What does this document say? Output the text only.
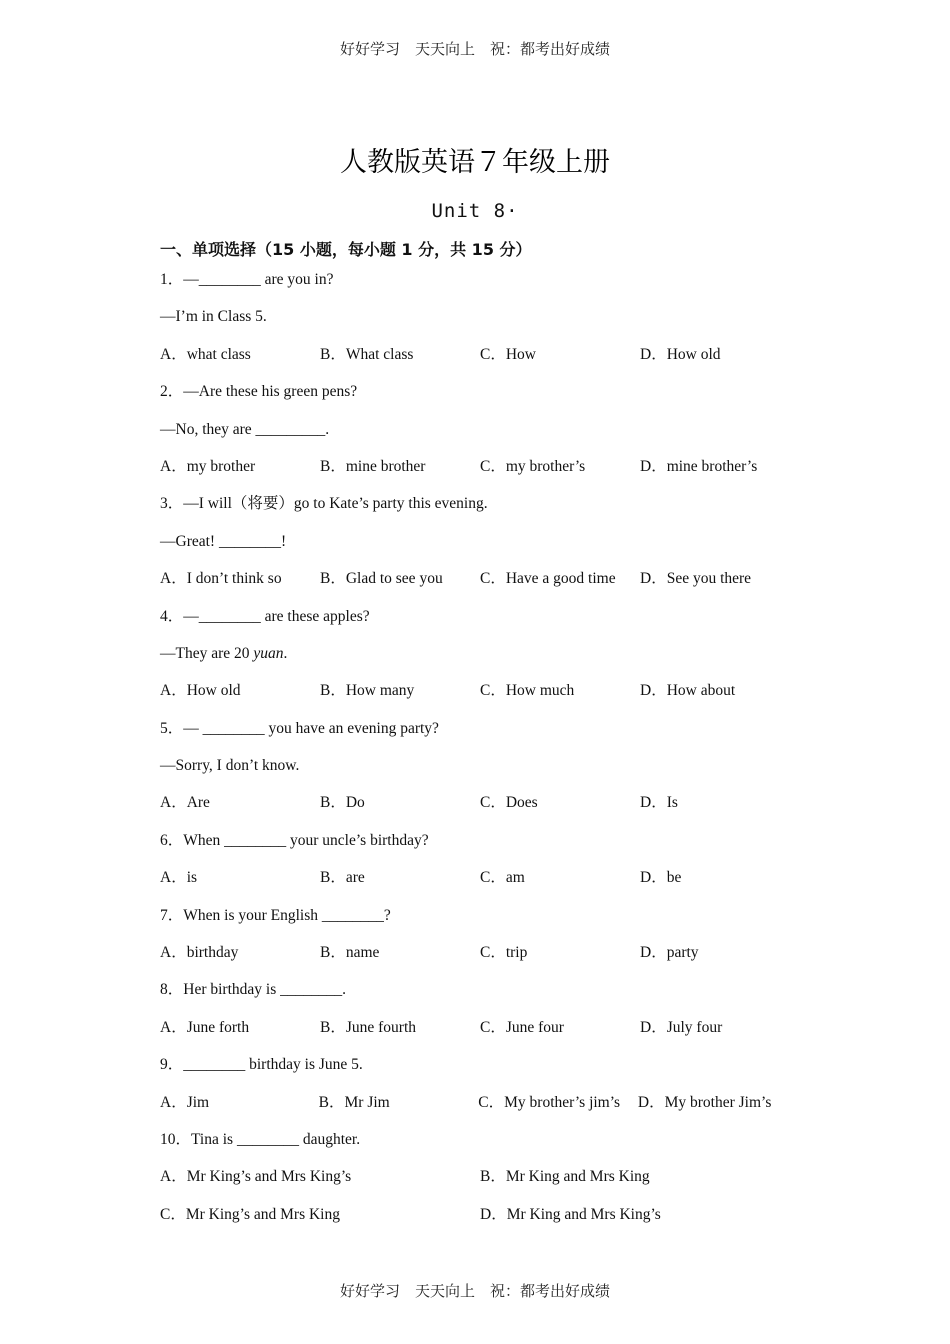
好好学习　天天向上　祝：都考出好成绩
人教版英语７年级上册
Unit 8·
一、单项选择（15 小题，每小题 1 分，共 15 分）
1．—________ are you in?
—I’m in Class 5.
A．what class	B．What class	C．How	D．How old
2．—Are these his green pens?
—No, they are _________.
A．my brother	B．mine brother	C．my brother’s	D．mine brother’s
3．—I will（将要）go to Kate’s party this evening.
—Great! ________!
A．I don’t think so	B．Glad to see you	C．Have a good time	D．See you there
4．—________ are these apples?
—They are 20 yuan.
A．How old	B．How many	C．How much	D．How about
5．— ________ you have an evening party?
—Sorry, I don’t know.
A．Are	B．Do	C．Does	D．Is
6．When ________ your uncle’s birthday?
A．is	B．are	C．am	D．be
7．When is your English ________?
A．birthday	B．name	C．trip	D．party
8．Her birthday is ________.
A．June forth	B．June fourth	C．June four	D．July four
9．________ birthday is June 5.
A．Jim	B．Mr Jim	C．My brother’s jim’s	D．My brother Jim’s
10．Tina is ________ daughter.
A．Mr King’s and Mrs King’s	B．Mr King and Mrs King
C．Mr King’s and Mrs King	D．Mr King and Mrs King’s
好好学习　天天向上　祝：都考出好成绩
